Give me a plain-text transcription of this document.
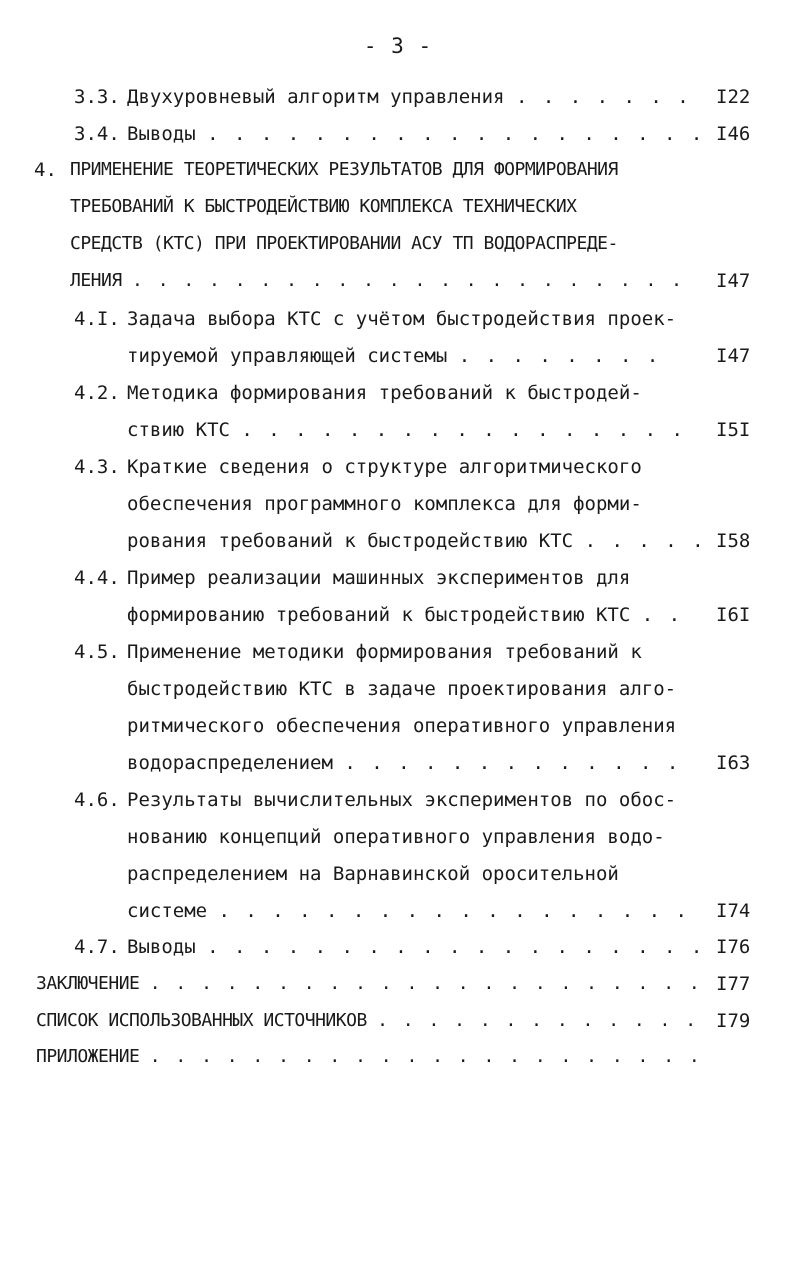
- 3 -
3.3. Двухуровневый алгоритм управления . . . . . . . I22
3.4. Выводы . . . . . . . . . . . . . . . . . . . I46
4. ПРИМЕНЕНИЕ ТЕОРЕТИЧЕСКИХ РЕЗУЛЬТАТОВ ДЛЯ ФОРМИРОВАНИЯ
ТРЕБОВАНИЙ К БЫСТРОДЕЙСТВИЮ КОМПЛЕКСА ТЕХНИЧЕСКИХ
СРЕДСТВ (КТС) ПРИ ПРОЕКТИРОВАНИИ АСУ ТП ВОДОРАСПРЕДЕ-
ЛЕНИЯ . . . . . . . . . . . . . . . . . . . . . . I47
4.I. Задача выбора КТС с учётом быстродействия проек-
тируемой управляющей системы . . . . . . . .	I47
4.2. Методика формирования требований к быстродей-
ствию КТС . . . . . . . . . . . . . . . . . I5I
4.3. Краткие сведения о структуре алгоритмического
обеспечения программного комплекса для форми-
рования требований к быстродействию КТС . . . . . I58
4.4. Пример реализации машинных экспериментов для
формированию требований к быстродействию КТС . . I6I
4.5. Применение методики формирования требований к
быстродействию КТС в задаче проектирования алго-
ритмического обеспечения оперативного управления
водораспределением . . . . . . . . . . . . . I63
4.6. Результаты вычислительных экспериментов по обос-
нованию концепций оперативного управления водо-
распределением на Варнавинской оросительной
системе . . . . . . . . . . . . . . . . . . I74
4.7. Выводы . . . . . . . . . . . . . . . . . . . I76
ЗАКЛЮЧЕНИЕ . . . . . . . . . . . . . . . . . . . . . . I77
СПИСОК ИСПОЛЬЗОВАННЫХ ИСТОЧНИКОВ . . . . . . . . . . . . . I79
ПРИЛОЖЕНИЕ . . . . . . . . . . . . . . . . . . . . . .
